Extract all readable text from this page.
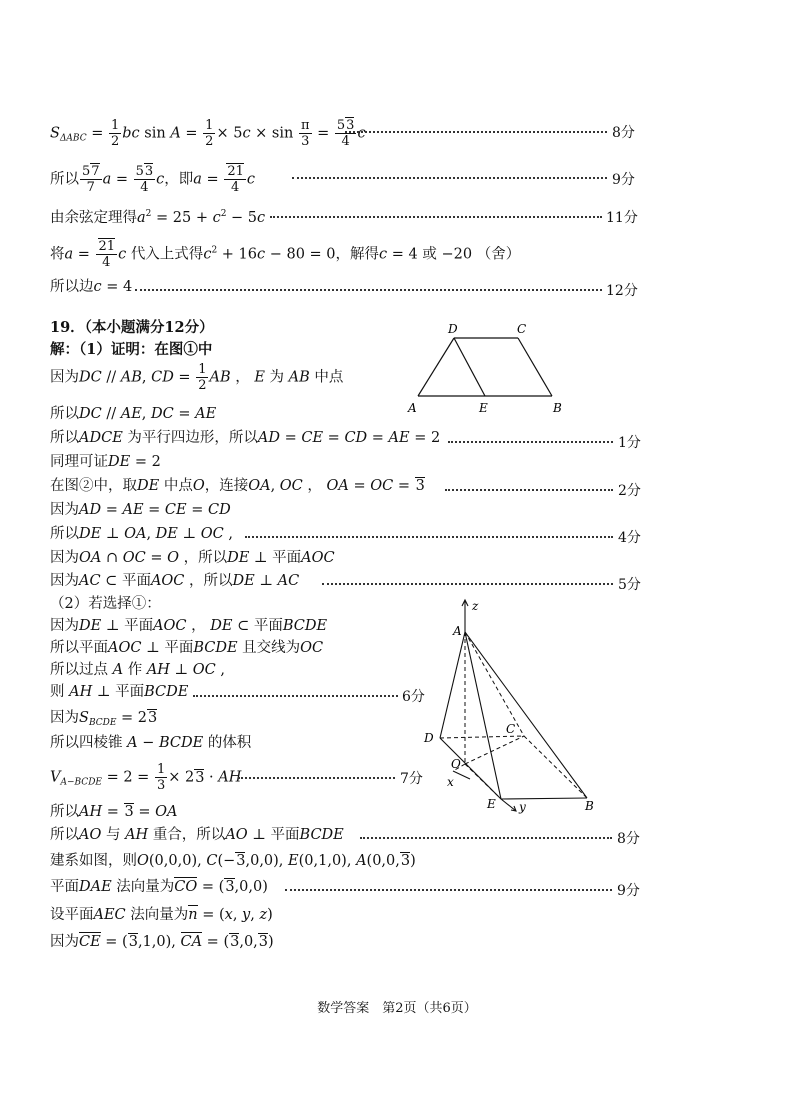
$S_{\Delta ABC} = \frac{1}{2}$ bc $\sin A = \frac{1}{2} \times 5c \times \sin \frac{\pi}{3} = \frac{53}{4}$ c	8分
所以 $\frac{57}{7}$ $a = \frac{53}{4}$ c，即$a = \frac{21}{4}$ c	9分
由余弦定理得$a^2 = 25 + c^2 - 5c$	11分
将$a = \frac{21}{4}$ c 代入上式得$c^2 + 16c - 80 = 0$，解得c = 4 或 −20 （舍）
所以边c = 4	12分
19．（本小题满分12分）
解：（1）证明：在图①中
因为DC // AB, CD = $\frac{1}{2}$ AB ， E 为 AB 中点
所以DC // AE, DC = AE
所以ADCE 为平行四边形，所以AD = CE = CD = AE = 2	1分
同理可证DE = 2
在图②中，取DE 中点O，连接OA, OC ， OA = OC = 3	2分
因为AD = AE = CE = CD
所以DE ⊥ OA, DE ⊥ OC ,	4分
因为OA ∩ OC = O ，所以DE ⊥ 平面AOC
因为AC ⊂ 平面AOC ，所以DE ⊥ AC	5分
（2）若选择①：
因为DE ⊥ 平面AOC ， DE ⊂ 平面BCDE
所以平面AOC ⊥ 平面BCDE 且交线为OC
所以过点 A 作 AH ⊥ OC ,
则 AH ⊥ 平面BCDE	6分
因为$S_{BCDE} = 23$
所以四棱锥 A − BCDE 的体积
$V_{A-BCDE} = 2 = \frac{1}{3} \times 23$ · AH	7分
所以AH = 3 = OA
所以AO 与 AH 重合，所以AO ⊥ 平面BCDE	8分
建系如图，则O(0,0,0), C(−3,0,0), E(0,1,0), A(0,0,3)
平面DAE 法向量为CO = (3,0,0)	9分
设平面AEC 法向量为n = (x, y, z)
因为CE = (3,1,0), CA = (3,0,3)
D	C
A	E	B
z
A
D
C
O
x
E y	B
数学答案　第2页（共6页）
